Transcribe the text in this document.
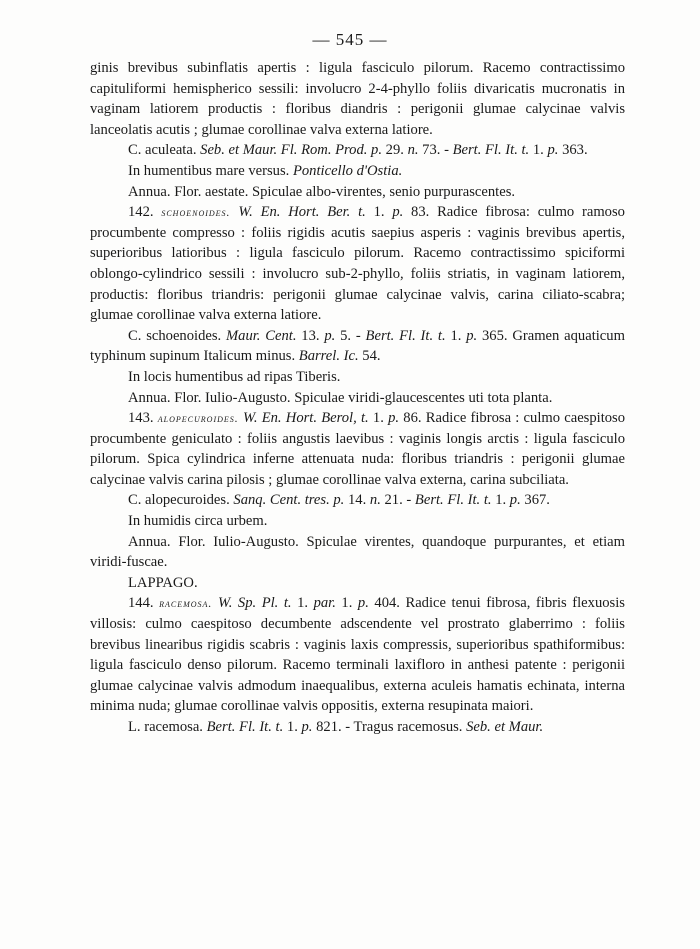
— 545 —

ginis brevibus subinflatis apertis : ligula fasciculo pilorum. Racemo contractissimo capituliformi hemispherico sessili: involucro 2-4-phyllo foliis divaricatis mucronatis in vaginam latiorem productis : floribus diandris : perigonii glumae calycinae valvis lanceolatis acutis ; glumae corollinae valva externa latiore.

C. aculeata. Seb. et Maur. Fl. Rom. Prod. p. 29. n. 73. - Bert. Fl. It. t. 1. p. 363.

In humentibus mare versus. Ponticello d'Ostia.

Annua. Flor. aestate. Spiculae albo-virentes, senio purpurascentes.

142. schoenoides. W. En. Hort. Ber. t. 1. p. 83. Radice fibrosa: culmo ramoso procumbente compresso : foliis rigidis acutis saepius asperis : vaginis brevibus apertis, superioribus latioribus : ligula fasciculo pilorum. Racemo contractissimo spiciformi oblongo-cylindrico sessili : involucro sub-2-phyllo, foliis striatis, in vaginam latiorem, productis: floribus triandris: perigonii glumae calycinae valvis, carina ciliato-scabra; glumae corollinae valva externa latiore.

C. schoenoides. Maur. Cent. 13. p. 5. - Bert. Fl. It. t. 1. p. 365. Gramen aquaticum typhinum supinum Italicum minus. Barrel. Ic. 54.

In locis humentibus ad ripas Tiberis.

Annua. Flor. Iulio-Augusto. Spiculae viridi-glaucescentes uti tota planta.

143. alopecuroides. W. En. Hort. Berol, t. 1. p. 86. Radice fibrosa : culmo caespitoso procumbente geniculato : foliis angustis laevibus : vaginis longis arctis : ligula fasciculo pilorum. Spica cylindrica inferne attenuata nuda: floribus triandris : perigonii glumae calycinae valvis carina pilosis ; glumae corollinae valva externa, carina subciliata.

C. alopecuroides. Sanq. Cent. tres. p. 14. n. 21. - Bert. Fl. It. t. 1. p. 367.

In humidis circa urbem.

Annua. Flor. Iulio-Augusto. Spiculae virentes, quandoque purpurantes, et etiam viridi-fuscae.

LAPPAGO.

144. racemosa. W. Sp. Pl. t. 1. par. 1. p. 404. Radice tenui fibrosa, fibris flexuosis villosis: culmo caespitoso decumbente adscendente vel prostrato glaberrimo : foliis brevibus linearibus rigidis scabris : vaginis laxis compressis, superioribus spathiformibus: ligula fasciculo denso pilorum. Racemo terminali laxifloro in anthesi patente : perigonii glumae calycinae valvis admodum inaequalibus, externa aculeis hamatis echinata, interna minima nuda; glumae corollinae valvis oppositis, externa resupinata maiori.

L. racemosa. Bert. Fl. It. t. 1. p. 821. - Tragus racemosus. Seb. et Maur.
